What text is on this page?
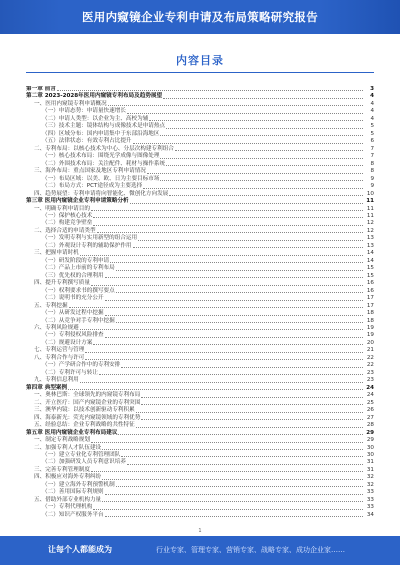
医用内窥镜企业专利申请及布局策略研究报告
内容目录
第一章 前言	3
第二章 2023-2028年医用内窥镜专利布局及趋势展望	4
一、医用内窥镜专利申请概况	4
（一）申请态势：申请量快速增长	4
（二）申请人类型：以企业为主、高校为辅	4
（三）技术主题：镜体结构与成像技术是申请热点	5
（四）区域分布：国内申请集中于东部沿海地区	5
（五）法律状态：有效专利占比提升	6
二、专利布局：以核心技术为中心、分层次构建专利组合	7
（一）核心技术布局：围绕光学成像与图像处理	7
（二）外围技术布局：关注配件、耗材与操作系统	8
三、海外布局：重点国家及地区专利申请情况	8
（一）布局区域：以美、欧、日为主要目标市场	9
（二）布局方式：PCT途径成为主要选择	9
四、趋势展望：专利申请将向智能化、微创化方向发展	10
第三章 医用内窥镜企业专利申请策略分析	11
一、明确专利申请目的	11
（一）保护核心技术	11
（二）构建竞争壁垒	12
二、选择合适的申请类型	12
（一）发明专利与实用新型的组合运用	13
（二）外观设计专利的辅助保护作用	13
三、把握申请时机	14
（一）研发阶段的专利申请	14
（二）产品上市前的专利布局	15
（三）优先权的合理利用	15
四、提升专利撰写质量	16
（一）权利要求书的撰写要点	16
（二）说明书的充分公开	17
五、专利挖掘	17
（一）从研发过程中挖掘	18
（二）从竞争对手专利中挖掘	18
六、专利风险规避	19
（一）专利侵权风险排查	19
（二）规避设计方案	20
七、专利运营与管理	21
八、专利合作与许可	22
（一）产学研合作中的专利安排	22
（二）专利许可与转让	23
九、专利信息利用	23
第四章 典型案例	24
一、奥林巴斯：全球领先的内窥镜专利布局	24
二、开立医疗：国产内窥镜企业的专利突围	25
三、澳华内镜：以技术创新驱动专利积累	26
四、海泰新光：荧光内窥镜领域的专利优势	27
五、经验总结：企业专利战略的共性特征	28
第五章 医用内窥镜企业专利布局建议	29
一、制定专利战略规划	29
二、加强专利人才队伍建设	30
（一）建立专业化专利管理团队	30
（二）加强研发人员专利意识培养	31
三、完善专利管理制度	31
四、积极应对海外专利纠纷	32
（一）建立海外专利预警机制	32
（二）善用国际专利规则	33
五、借助外部专业机构力量	33
（一）专利代理机构	33
（二）知识产权服务平台	34
1
让每个人都能成为	行业专家、管理专家、营销专家、战略专家、成功企业家……
